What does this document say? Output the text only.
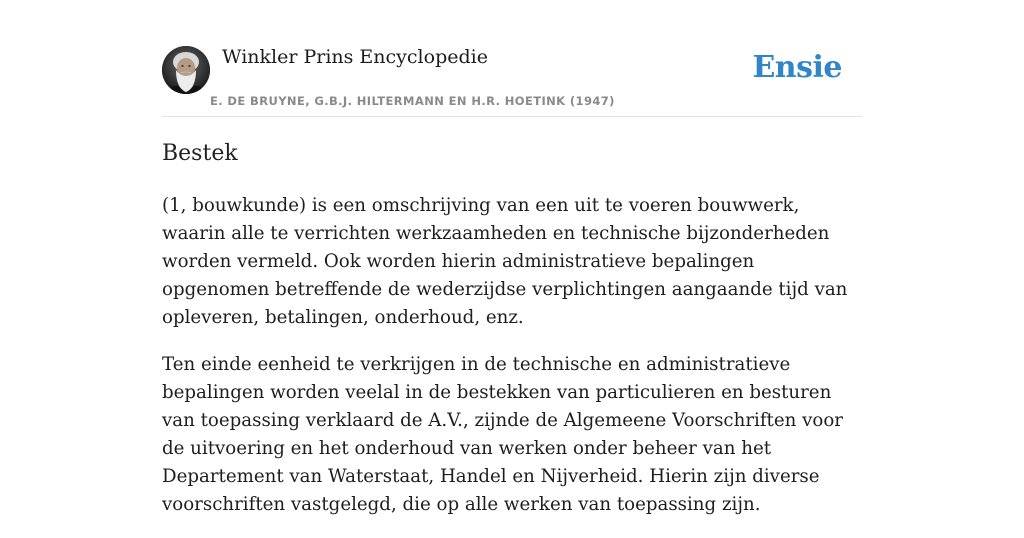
Winkler Prins Encyclopedie
E. DE BRUYNE, G.B.J. HILTERMANN EN H.R. HOETINK (1947)
Ensie
Bestek

(1, bouwkunde) is een omschrijving van een uit te voeren bouwwerk, waarin alle te verrichten werkzaamheden en technische bijzonderheden worden vermeld. Ook worden hierin administratieve bepalingen opgenomen betreffende de wederzijdse verplichtingen aangaande tijd van opleveren, betalingen, onderhoud, enz.

Ten einde eenheid te verkrijgen in de technische en administratieve bepalingen worden veelal in de bestekken van particulieren en besturen van toepassing verklaard de A.V., zijnde de Algemeene Voorschriften voor de uitvoering en het onderhoud van werken onder beheer van het Departement van Waterstaat, Handel en Nijverheid. Hierin zijn diverse voorschriften vastgelegd, die op alle werken van toepassing zijn.
